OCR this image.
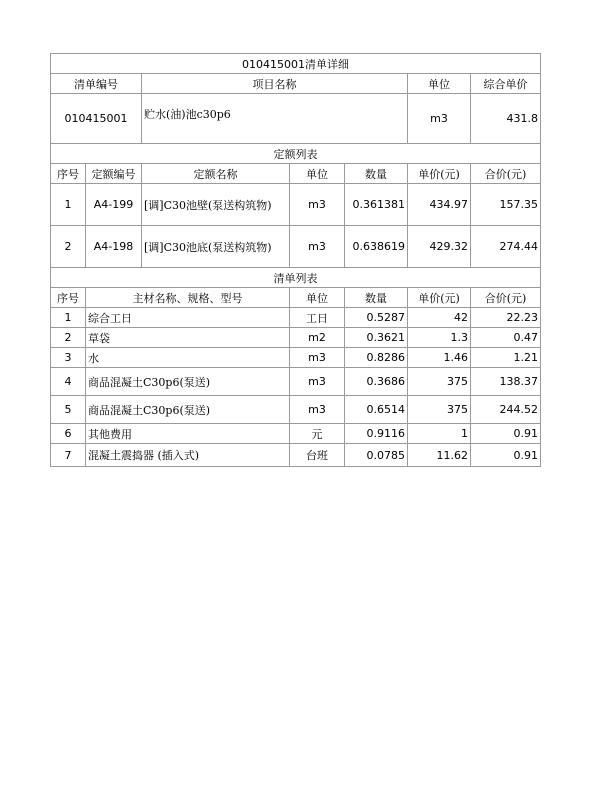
010415001清单详细						
清单编号		项目名称			单位	综合单价
010415001		贮水(油)池c30p6			m3	431.8
定额列表						
序号	定额编号	定额名称	单位	数量	单价(元)	合价(元)
1	A4-199	[调]C30池壁(泵送构筑物)	m3	0.361381	434.97	157.35
2	A4-198	[调]C30池底(泵送构筑物)	m3	0.638619	429.32	274.44
清单列表						
序号	主材名称、规格、型号		单位	数量	单价(元)	合价(元)
1	综合工日		工日	0.5287	42	22.23
2	草袋		m2	0.3621	1.3	0.47
3	水		m3	0.8286	1.46	1.21
4	商品混凝土C30p6(泵送)		m3	0.3686	375	138.37
5	商品混凝土C30p6(泵送)		m3	0.6514	375	244.52
6	其他费用		元	0.9116	1	0.91
7	混凝土震捣器 (插入式)		台班	0.0785	11.62	0.91
